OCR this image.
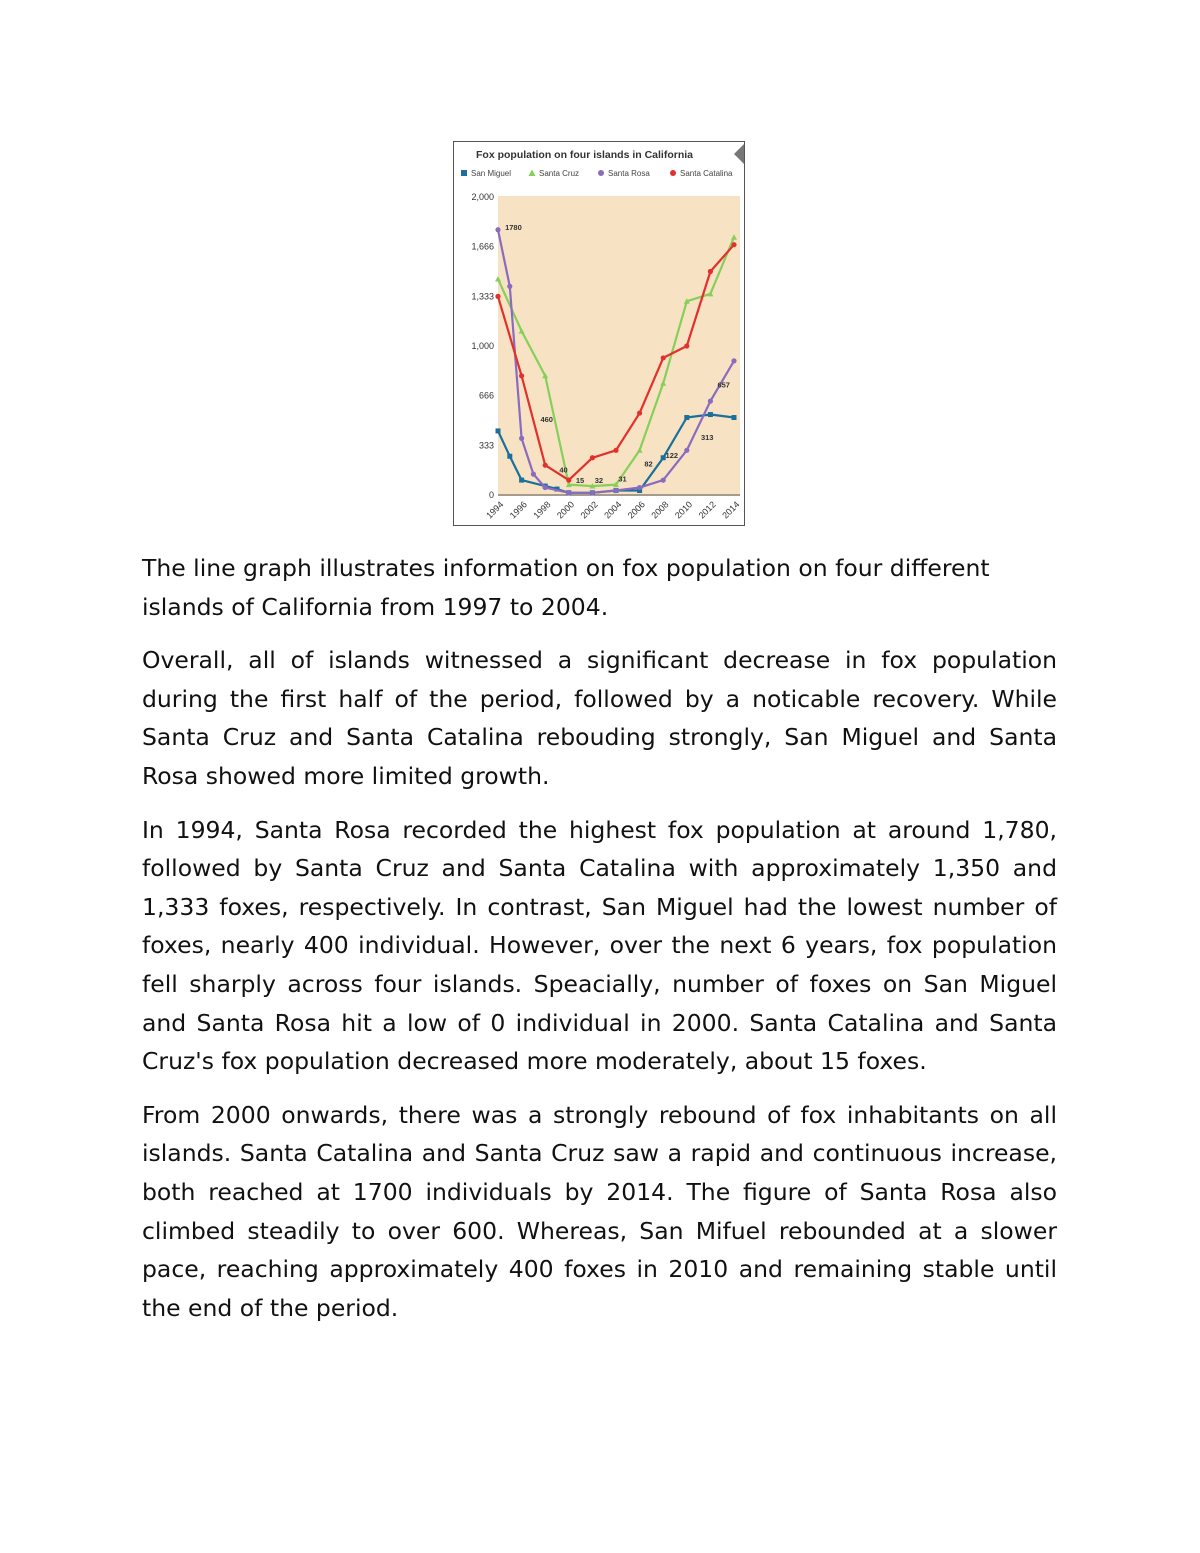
Fox population on four islands in California
San Miguel	Santa Cruz	Santa Rosa	Santa Catalina
0
333
666
1,000
1,333
1,666
2,000
1994 1996 1998 2000 2002 2004 2006 2008 2010 2012 2014
1780
460
40
15 32 31
82
122
313
657

The line graph illustrates information on fox population on four different islands of California from 1997 to 2004.

Overall, all of islands witnessed a significant decrease in fox population during the first half of the period, followed by a noticable recovery. While Santa Cruz and Santa Catalina rebouding strongly, San Miguel and Santa Rosa showed more limited growth.

In 1994, Santa Rosa recorded the highest fox population at around 1,780, followed by Santa Cruz and Santa Catalina with approximately 1,350 and 1,333 foxes, respectively. In contrast, San Miguel had the lowest number of foxes, nearly 400 individual. However, over the next 6 years, fox population fell sharply across four islands. Speacially, number of foxes on San Miguel and Santa Rosa hit a low of 0 individual in 2000. Santa Catalina and Santa Cruz's fox population decreased more moderately, about 15 foxes.

From 2000 onwards, there was a strongly rebound of fox inhabitants on all islands. Santa Catalina and Santa Cruz saw a rapid and continuous increase, both reached at 1700 individuals by 2014. The figure of Santa Rosa also climbed steadily to over 600. Whereas, San Mifuel rebounded at a slower pace, reaching approximately 400 foxes in 2010 and remaining stable until the end of the period.
